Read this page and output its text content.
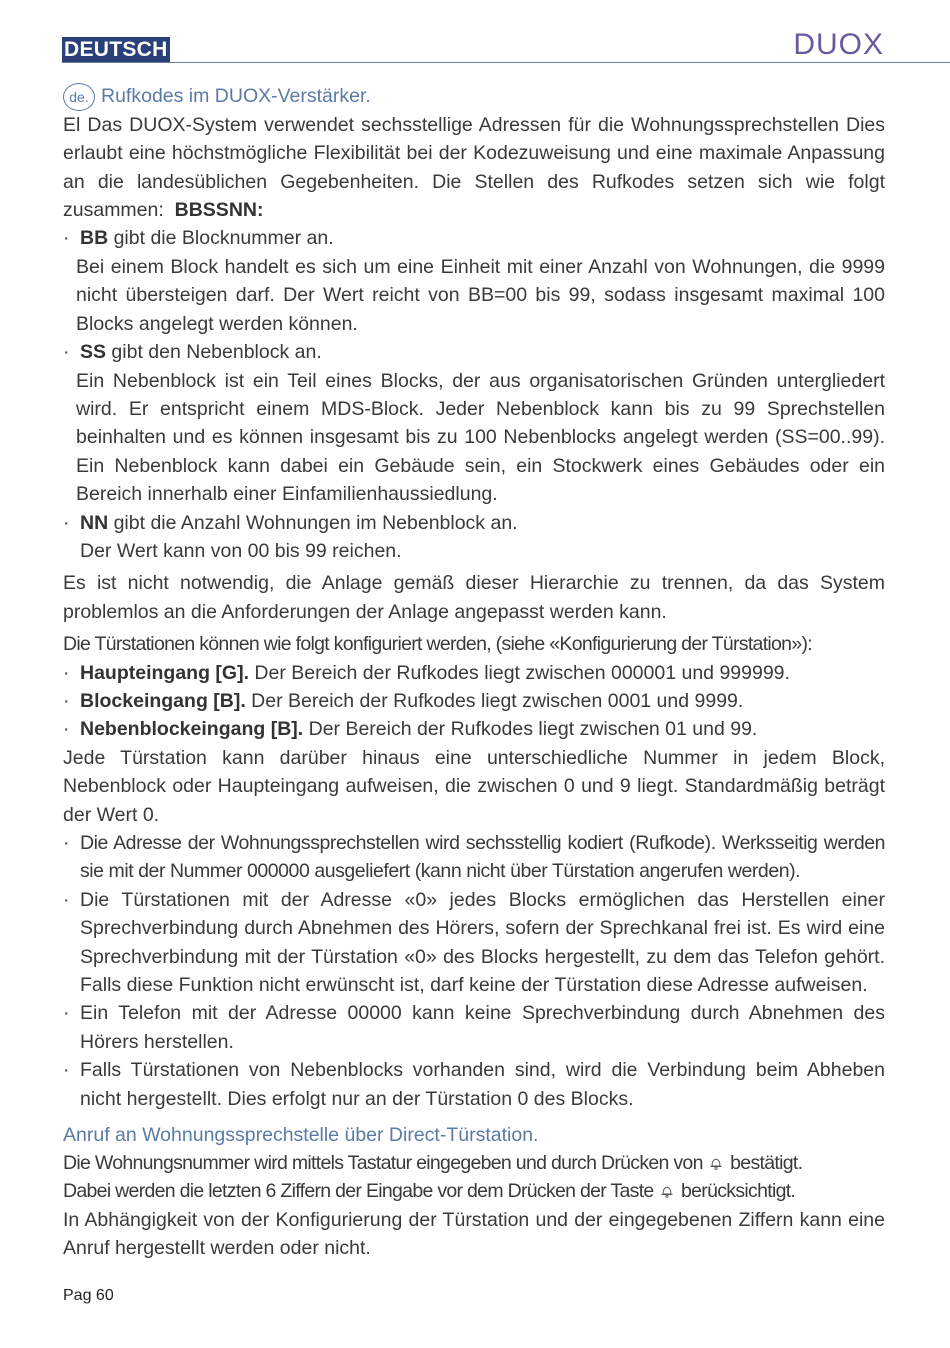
DEUTSCH	DUOX
de. Rufkodes im DUOX-Verstärker.

El Das DUOX-System verwendet sechsstellige Adressen für die Wohnungssprechstellen Dies erlaubt eine höchstmögliche Flexibilität bei der Kodezuweisung und eine maximale Anpassung an die landesüblichen Gegebenheiten. Die Stellen des Rufkodes setzen sich wie folgt zusammen: BBSSNN:

· BB gibt die Blocknummer an.

Bei einem Block handelt es sich um eine Einheit mit einer Anzahl von Wohnungen, die 9999 nicht übersteigen darf. Der Wert reicht von BB=00 bis 99, sodass insgesamt maximal 100 Blocks angelegt werden können.

· SS gibt den Nebenblock an.

Ein Nebenblock ist ein Teil eines Blocks, der aus organisatorischen Gründen untergliedert wird. Er entspricht einem MDS-Block. Jeder Nebenblock kann bis zu 99 Sprechstellen beinhalten und es können insgesamt bis zu 100 Nebenblocks angelegt werden (SS=00..99). Ein Nebenblock kann dabei ein Gebäude sein, ein Stockwerk eines Gebäudes oder ein Bereich innerhalb einer Einfamilienhaussiedlung.

· NN gibt die Anzahl Wohnungen im Nebenblock an.

Der Wert kann von 00 bis 99 reichen.

Es ist nicht notwendig, die Anlage gemäß dieser Hierarchie zu trennen, da das System problemlos an die Anforderungen der Anlage angepasst werden kann.

Die Türstationen können wie folgt konfiguriert werden, (siehe «Konfigurierung der Türstation»):

· Haupteingang [G]. Der Bereich der Rufkodes liegt zwischen 000001 und 999999.
· Blockeingang [B]. Der Bereich der Rufkodes liegt zwischen 0001 und 9999.
· Nebenblockeingang [B]. Der Bereich der Rufkodes liegt zwischen 01 und 99.

Jede Türstation kann darüber hinaus eine unterschiedliche Nummer in jedem Block, Nebenblock oder Haupteingang aufweisen, die zwischen 0 und 9 liegt. Standardmäßig beträgt der Wert 0.

· Die Adresse der Wohnungssprechstellen wird sechsstellig kodiert (Rufkode). Werksseitig werden sie mit der Nummer 000000 ausgeliefert (kann nicht über Türstation angerufen werden).
· Die Türstationen mit der Adresse «0» jedes Blocks ermöglichen das Herstellen einer Sprechverbindung durch Abnehmen des Hörers, sofern der Sprechkanal frei ist. Es wird eine Sprechverbindung mit der Türstation «0» des Blocks hergestellt, zu dem das Telefon gehört. Falls diese Funktion nicht erwünscht ist, darf keine der Türstation diese Adresse aufweisen.
· Ein Telefon mit der Adresse 00000 kann keine Sprechverbindung durch Abnehmen des Hörers herstellen.
· Falls Türstationen von Nebenblocks vorhanden sind, wird die Verbindung beim Abheben nicht hergestellt. Dies erfolgt nur an der Türstation 0 des Blocks.
Anruf an Wohnungssprechstelle über Direct-Türstation.

Die Wohnungsnummer wird mittels Tastatur eingegeben und durch Drücken von bestätigt.

Dabei werden die letzten 6 Ziffern der Eingabe vor dem Drücken der Taste berücksichtigt.

In Abhängigkeit von der Konfigurierung der Türstation und der eingegebenen Ziffern kann eine Anruf hergestellt werden oder nicht.

Pag 60
